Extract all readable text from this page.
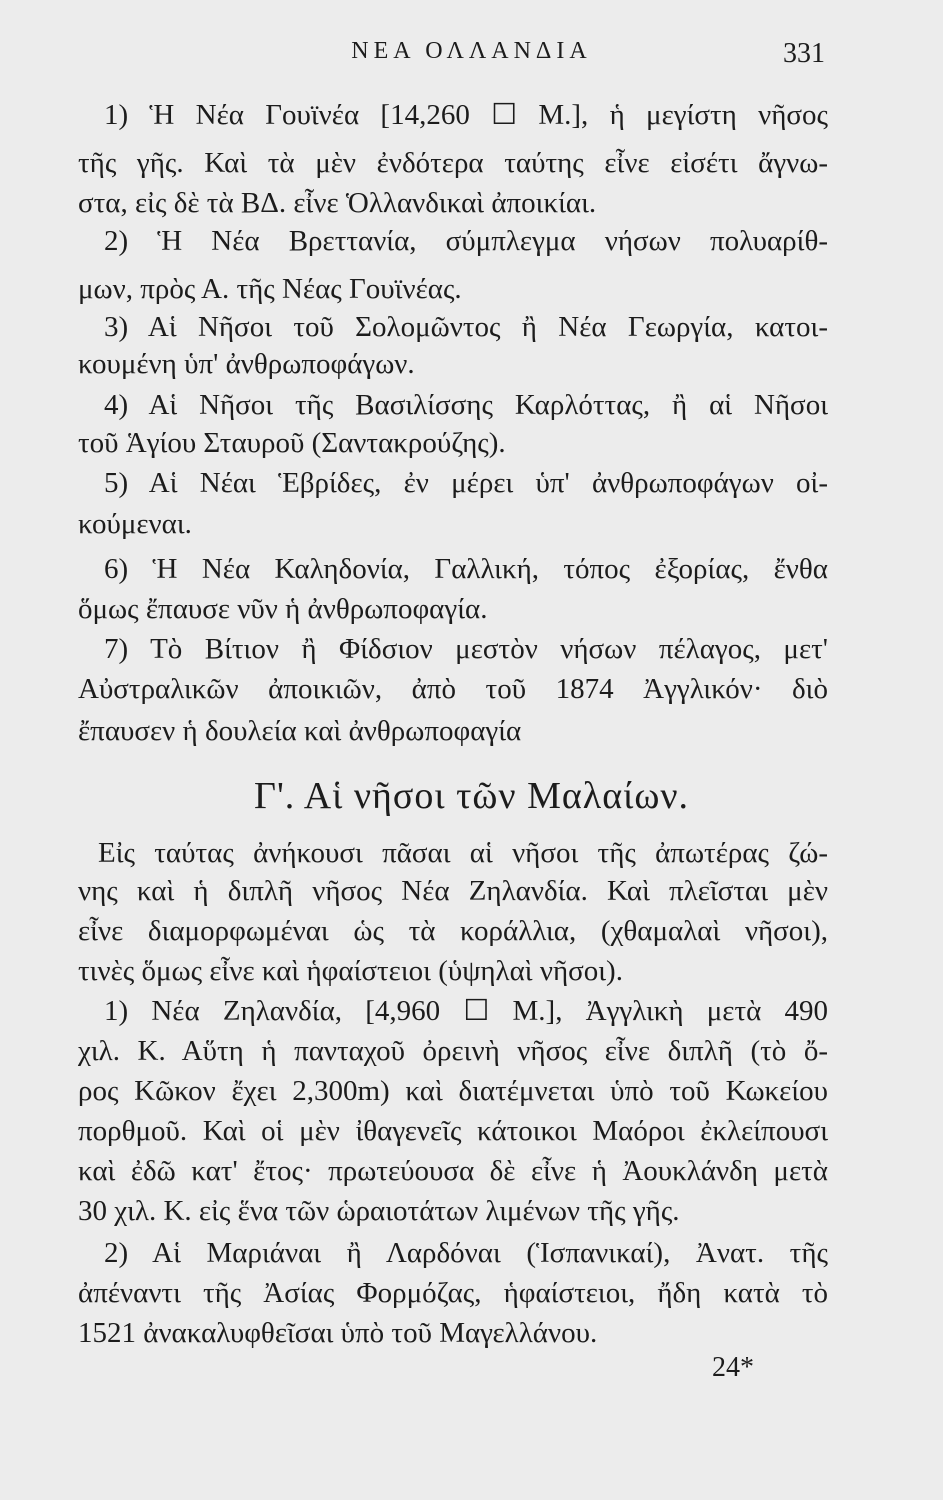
ΝΕΑ ΟΛΛΑΝΔΙΑ	331
1) Ἡ Νέα Γουϊνέα [14,260 ☐ Μ.], ἡ μεγίστη νῆσος
τῆς γῆς. Καὶ τὰ μὲν ἐνδότερα ταύτης εἶνε εἰσέτι ἄγνω-
στα, εἰς δὲ τὰ ΒΔ. εἶνε Ὁλλανδικαὶ ἀποικίαι.
2) Ἡ Νέα Βρεττανία, σύμπλεγμα νήσων πολυαρίθ-
μων, πρὸς Α. τῆς Νέας Γουϊνέας.
3) Αἱ Νῆσοι τοῦ Σολομῶντος ἢ Νέα Γεωργία, κατοι-
κουμένη ὑπ' ἀνθρωποφάγων.
4) Αἱ Νῆσοι τῆς Βασιλίσσης Καρλόττας, ἢ αἱ Νῆσοι
τοῦ Ἁγίου Σταυροῦ (Σαντακρούζης).
5) Αἱ Νέαι Ἑβρίδες, ἐν μέρει ὑπ' ἀνθρωποφάγων οἰ-
κούμεναι.
6) Ἡ Νέα Καληδονία, Γαλλική, τόπος ἐξορίας, ἔνθα
ὅμως ἔπαυσε νῦν ἡ ἀνθρωποφαγία.
7) Τὸ Βίτιον ἢ Φίδσιον μεστὸν νήσων πέλαγος, μετ'
Αὐστραλικῶν ἀποικιῶν, ἀπὸ τοῦ 1874 Ἀγγλικόν· διὸ
ἔπαυσεν ἡ δουλεία καὶ ἀνθρωποφαγία
Γ'. Αἱ νῆσοι τῶν Μαλαίων.
Εἰς ταύτας ἀνήκουσι πᾶσαι αἱ νῆσοι τῆς ἀπωτέρας ζώ-
νης καὶ ἡ διπλῆ νῆσος Νέα Ζηλανδία. Καὶ πλεῖσται μὲν
εἶνε διαμορφωμέναι ὡς τὰ κοράλλια, (χθαμαλαὶ νῆσοι),
τινὲς ὅμως εἶνε καὶ ἡφαίστειοι (ὑψηλαὶ νῆσοι).
1) Νέα Ζηλανδία, [4,960 ☐ Μ.], Ἀγγλικὴ μετὰ 490
χιλ. Κ. Αὕτη ἡ πανταχοῦ ὀρεινὴ νῆσος εἶνε διπλῆ (τὸ ὄ-
ρος Κῶκον ἔχει 2,300m) καὶ διατέμνεται ὑπὸ τοῦ Κωκείου
πορθμοῦ. Καὶ οἱ μὲν ἰθαγενεῖς κάτοικοι Μαόροι ἐκλείπουσι
καὶ ἐδῶ κατ' ἔτος· πρωτεύουσα δὲ εἶνε ἡ Ἀουκλάνδη μετὰ
30 χιλ. Κ. εἰς ἕνα τῶν ὡραιοτάτων λιμένων τῆς γῆς.
2) Αἱ Μαριάναι ἢ Λαρδόναι (Ἱσπανικαί), Ἀνατ. τῆς
ἀπέναντι τῆς Ἀσίας Φορμόζας, ἡφαίστειοι, ἤδη κατὰ τὸ
1521 ἀνακαλυφθεῖσαι ὑπὸ τοῦ Μαγελλάνου.
24*
